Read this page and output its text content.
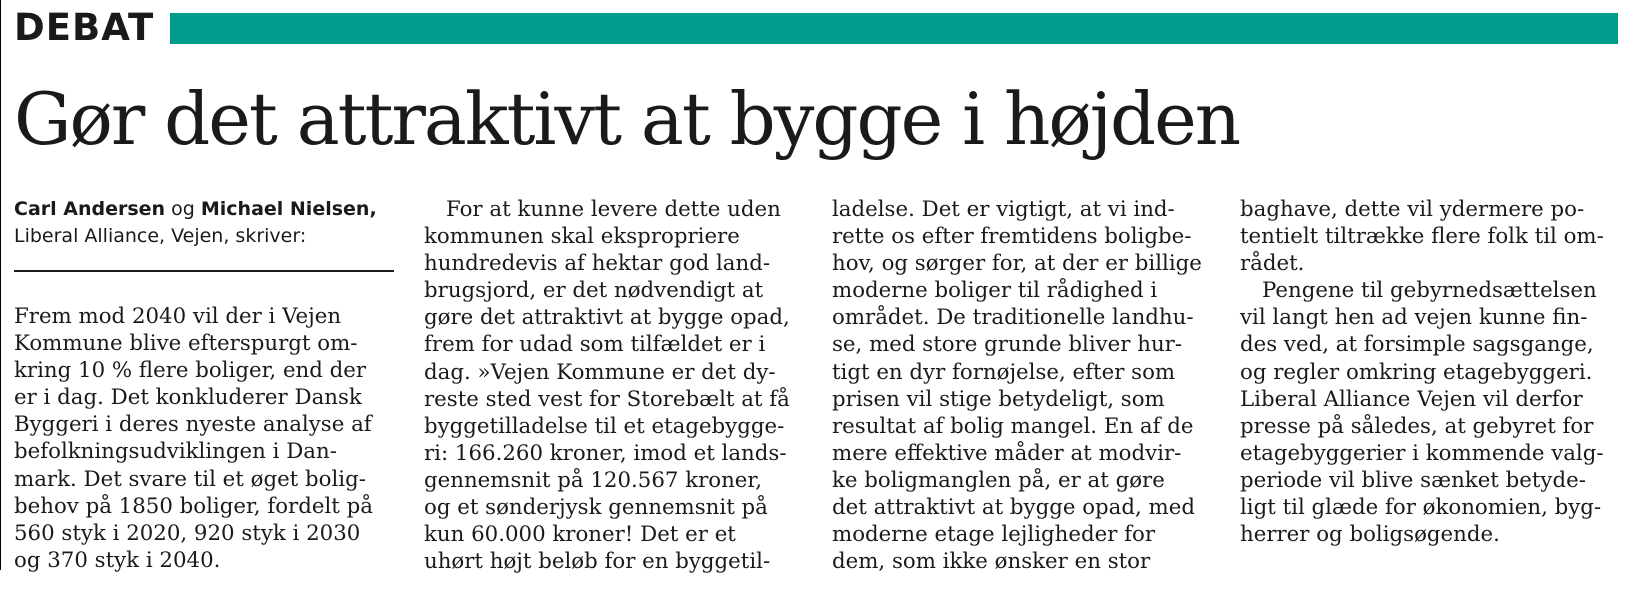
DEBAT
Gør det attraktivt at bygge i højden
Carl Andersen og Michael Nielsen,
Liberal Alliance, Vejen, skriver:
Frem mod 2040 vil der i Vejen
Kommune blive efterspurgt om-
kring 10 % flere boliger, end der
er i dag. Det konkluderer Dansk
Byggeri i deres nyeste analyse af
befolkningsudviklingen i Dan-
mark. Det svare til et øget bolig-
behov på 1850 boliger, fordelt på
560 styk i 2020, 920 styk i 2030
og 370 styk i 2040.
For at kunne levere dette uden
kommunen skal ekspropriere
hundredevis af hektar god land-
brugsjord, er det nødvendigt at
gøre det attraktivt at bygge opad,
frem for udad som tilfældet er i
dag. »Vejen Kommune er det dy-
reste sted vest for Storebælt at få
byggetilladelse til et etagebygge-
ri: 166.260 kroner, imod et lands-
gennemsnit på 120.567 kroner,
og et sønderjysk gennemsnit på
kun 60.000 kroner! Det er et
uhørt højt beløb for en byggetil-
ladelse. Det er vigtigt, at vi ind-
rette os efter fremtidens boligbe-
hov, og sørger for, at der er billige
moderne boliger til rådighed i
området. De traditionelle landhu-
se, med store grunde bliver hur-
tigt en dyr fornøjelse, efter som
prisen vil stige betydeligt, som
resultat af bolig mangel. En af de
mere effektive måder at modvir-
ke boligmanglen på, er at gøre
det attraktivt at bygge opad, med
moderne etage lejligheder for
dem, som ikke ønsker en stor
baghave, dette vil ydermere po-
tentielt tiltrække flere folk til om-
rådet.
Pengene til gebyrnedsættelsen
vil langt hen ad vejen kunne fin-
des ved, at forsimple sagsgange,
og regler omkring etagebyggeri.
Liberal Alliance Vejen vil derfor
presse på således, at gebyret for
etagebyggerier i kommende valg-
periode vil blive sænket betyde-
ligt til glæde for økonomien, byg-
herrer og boligsøgende.
